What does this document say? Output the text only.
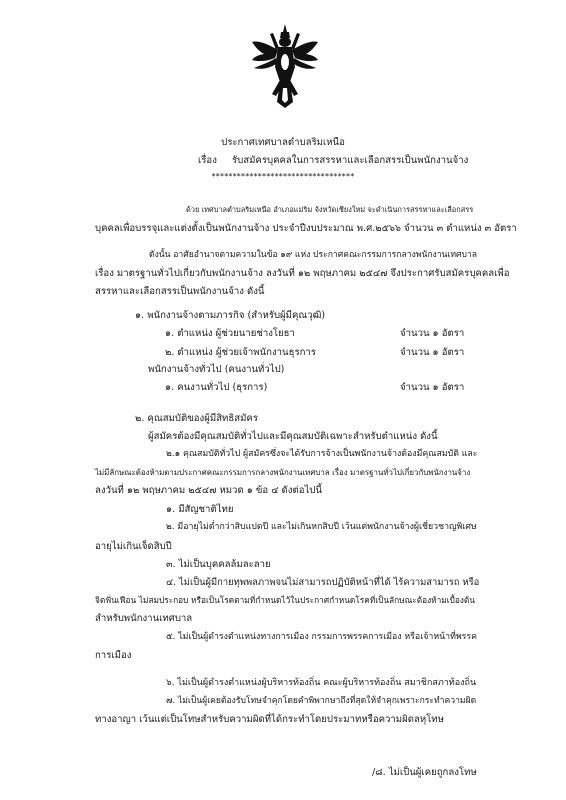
ประกาศเทศบาลตำบลริมเหนือ
เรื่อง รับสมัครบุคคลในการสรรหาและเลือกสรรเป็นพนักงานจ้าง
**********************************
ด้วย เทศบาลตำบลริมเหนือ อำเภอแม่ริม จังหวัดเชียงใหม่ จะดำเนินการสรรหาและเลือกสรร
บุคคลเพื่อบรรจุและแต่งตั้งเป็นพนักงานจ้าง ประจำปีงบประมาณ พ.ศ.๒๕๖๖ จำนวน ๓ ตำแหน่ง ๓ อัตรา
ดังนั้น อาศัยอำนาจตามความในข้อ ๑๙ แห่ง ประกาศคณะกรรมการกลางพนักงานเทศบาล
เรื่อง มาตรฐานทั่วไปเกี่ยวกับพนักงานจ้าง ลงวันที่ ๑๒ พฤษภาคม ๒๕๔๗ จึงประกาศรับสมัครบุคคลเพื่อ
สรรหาและเลือกสรรเป็นพนักงานจ้าง ดังนี้
๑. พนักงานจ้างตามภารกิจ (สำหรับผู้มีคุณวุฒิ)
๑. ตำแหน่ง ผู้ช่วยนายช่างโยธา	จำนวน ๑ อัตรา
๒. ตำแหน่ง ผู้ช่วยเจ้าพนักงานธุรการ	จำนวน ๑ อัตรา
พนักงานจ้างทั่วไป (คนงานทั่วไป)
๑. คนงานทั่วไป (ธุรการ)	จำนวน ๑ อัตรา
๒. คุณสมบัติของผู้มีสิทธิสมัคร
ผู้สมัครต้องมีคุณสมบัติทั่วไปและมีคุณสมบัติเฉพาะสำหรับตำแหน่ง ดังนี้
๒.๑ คุณสมบัติทั่วไป ผู้สมัครซึ่งจะได้รับการจ้างเป็นพนักงานจ้างต้องมีคุณสมบัติ และ
ไม่มีลักษณะต้องห้ามตามประกาศคณะกรรมการกลางพนักงานเทศบาล เรื่อง มาตรฐานทั่วไปเกี่ยวกับพนักงานจ้าง
ลงวันที่ ๑๒ พฤษภาคม ๒๕๔๗ หมวด ๑ ข้อ ๔ ดังต่อไปนี้
๑. มีสัญชาติไทย
๒. มีอายุไม่ต่ำกว่าสิบแปดปี และไม่เกินหกสิบปี เว้นแต่พนักงานจ้างผู้เชี่ยวชาญพิเศษ
อายุไม่เกินเจ็ดสิบปี
๓. ไม่เป็นบุคคลล้มละลาย
๔. ไม่เป็นผู้มีกายทุพพลภาพจนไม่สามารถปฏิบัติหน้าที่ได้ ไร้ความสามารถ หรือ
จิตฟั่นเฟือน ไม่สมประกอบ หรือเป็นโรคตามที่กำหนดไว้ในประกาศกำหนดโรคที่เป็นลักษณะต้องห้ามเบื้องต้น
สำหรับพนักงานเทศบาล
๕. ไม่เป็นผู้ดำรงตำแหน่งทางการเมือง กรรมการพรรคการเมือง หรือเจ้าหน้าที่พรรค
การเมือง
๖. ไม่เป็นผู้ดำรงตำแหน่งผู้บริหารท้องถิ่น คณะผู้บริหารท้องถิ่น สมาชิกสภาท้องถิ่น
๗. ไม่เป็นผู้เคยต้องรับโทษจำคุกโดยคำพิพากษาถึงที่สุดให้จำคุกเพราะกระทำความผิด
ทางอาญา เว้นแต่เป็นโทษสำหรับความผิดที่ได้กระทำโดยประมาทหรือความผิดลหุโทษ
/๘. ไม่เป็นผู้เคยถูกลงโทษ
